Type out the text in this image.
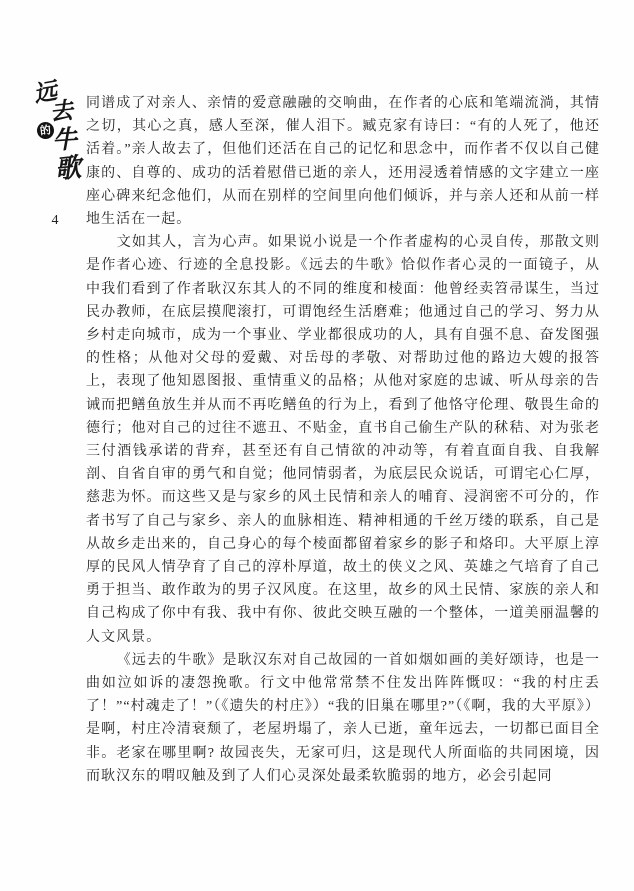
远
去
的 牛
歌
4

同谱成了对亲人、亲情的爱意融融的交响曲，在作者的心底和笔端流淌，其情之切，其心之真，感人至深，催人泪下。臧克家有诗曰：“有的人死了，他还活着。”亲人故去了，但他们还活在自己的记忆和思念中，而作者不仅以自己健康的、自尊的、成功的活着慰借已逝的亲人，还用浸透着情感的文字建立一座座心碑来纪念他们，从而在别样的空间里向他们倾诉，并与亲人还和从前一样地生活在一起。

文如其人，言为心声。如果说小说是一个作者虚构的心灵自传，那散文则是作者心迹、行迹的全息投影。《远去的牛歌》恰似作者心灵的一面镜子，从中我们看到了作者耿汉东其人的不同的维度和棱面：他曾经卖笤帚谋生，当过民办教师，在底层摸爬滚打，可谓饱经生活磨难；他通过自己的学习、努力从乡村走向城市，成为一个事业、学业都很成功的人，具有自强不息、奋发图强的性格；从他对父母的爱戴、对岳母的孝敬、对帮助过他的路边大嫂的报答上，表现了他知恩图报、重情重义的品格；从他对家庭的忠诚、听从母亲的告诫而把鳝鱼放生并从而不再吃鳝鱼的行为上，看到了他恪守伦理、敬畏生命的德行；他对自己的过往不遮丑、不贴金，直书自己偷生产队的秫秸、对为张老三付酒钱承诺的背弃，甚至还有自己情欲的冲动等，有着直面自我、自我解剖、自省自审的勇气和自觉；他同情弱者，为底层民众说话，可谓宅心仁厚，慈悲为怀。而这些又是与家乡的风土民情和亲人的哺育、浸润密不可分的，作者书写了自己与家乡、亲人的血脉相连、精神相通的千丝万缕的联系，自己是从故乡走出来的，自己身心的每个棱面都留着家乡的影子和烙印。大平原上淳厚的民风人情孕育了自己的淳朴厚道，故土的侠义之风、英雄之气培育了自己勇于担当、敢作敢为的男子汉风度。在这里，故乡的风土民情、家族的亲人和自己构成了你中有我、我中有你、彼此交映互融的一个整体，一道美丽温馨的人文风景。

《远去的牛歌》是耿汉东对自己故园的一首如烟如画的美好颂诗，也是一曲如泣如诉的凄怨挽歌。行文中他常常禁不住发出阵阵慨叹：“我的村庄丢了！”“村魂走了！”（《遗失的村庄》）“我的旧巢在哪里?”（《啊，我的大平原》）是啊，村庄冷清衰颓了，老屋坍塌了，亲人已逝，童年远去，一切都已面目全非。老家在哪里啊? 故园丧失，无家可归，这是现代人所面临的共同困境，因而耿汉东的喟叹触及到了人们心灵深处最柔软脆弱的地方，必会引起同
